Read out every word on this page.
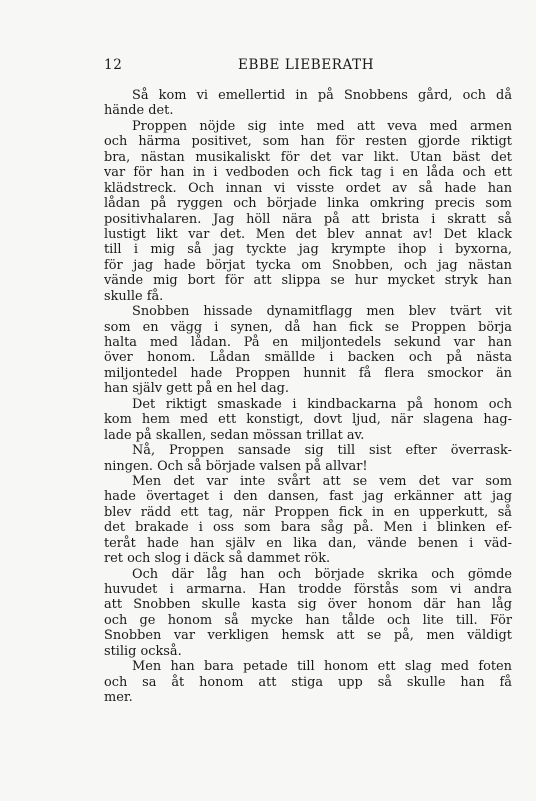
12	EBBE LIEBERATH
Så kom vi emellertid in på Snobbens gård, och då
hände det.
Proppen nöjde sig inte med att veva med armen
och härma positivet, som han för resten gjorde riktigt
bra, nästan musikaliskt för det var likt. Utan bäst det
var för han in i vedboden och fick tag i en låda och ett
klädstreck. Och innan vi visste ordet av så hade han
lådan på ryggen och började linka omkring precis som
positivhalaren. Jag höll nära på att brista i skratt så
lustigt likt var det. Men det blev annat av! Det klack
till i mig så jag tyckte jag krympte ihop i byxorna,
för jag hade börjat tycka om Snobben, och jag nästan
vände mig bort för att slippa se hur mycket stryk han
skulle få.
Snobben hissade dynamitflagg men blev tvärt vit
som en vägg i synen, då han fick se Proppen börja
halta med lådan. På en miljontedels sekund var han
över honom. Lådan smällde i backen och på nästa
miljontedel hade Proppen hunnit få flera smockor än
han själv gett på en hel dag.
Det riktigt smaskade i kindbackarna på honom och
kom hem med ett konstigt, dovt ljud, när slagena hag-
lade på skallen, sedan mössan trillat av.
Nå, Proppen sansade sig till sist efter överrask-
ningen. Och så började valsen på allvar!
Men det var inte svårt att se vem det var som
hade övertaget i den dansen, fast jag erkänner att jag
blev rädd ett tag, när Proppen fick in en upperkutt, så
det brakade i oss som bara såg på. Men i blinken ef-
teråt hade han själv en lika dan, vände benen i väd-
ret och slog i däck så dammet rök.
Och där låg han och började skrika och gömde
huvudet i armarna. Han trodde förstås som vi andra
att Snobben skulle kasta sig över honom där han låg
och ge honom så mycke han tålde och lite till. För
Snobben var verkligen hemsk att se på, men väldigt
stilig också.
Men han bara petade till honom ett slag med foten
och sa åt honom att stiga upp så skulle han få
mer.
